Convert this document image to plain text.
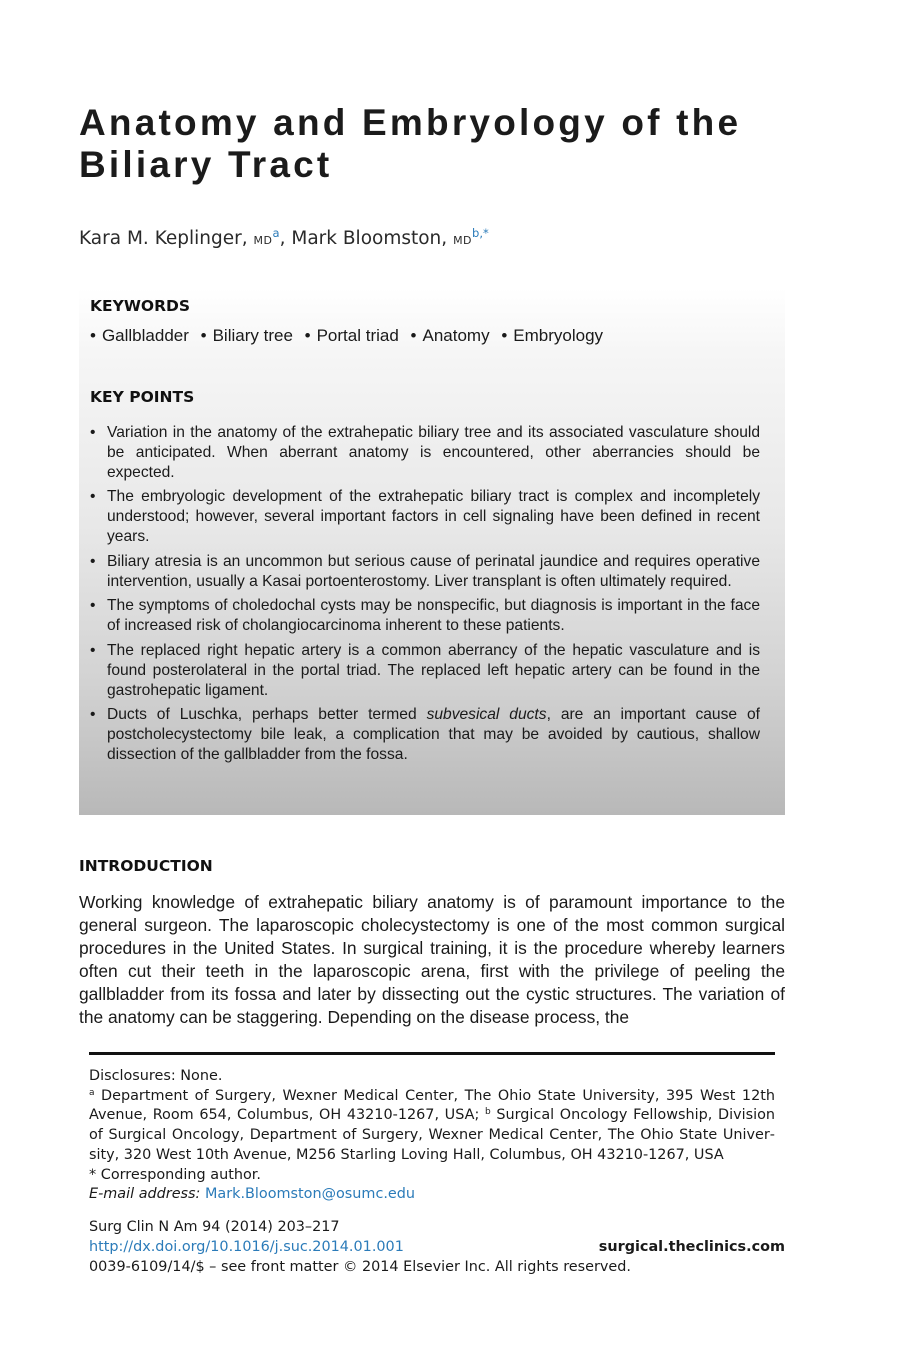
Anatomy and Embryology of the
Biliary Tract
Kara M. Keplinger, $MD^a$, Mark Bloomston, $MD^{b,*}$
KEYWORDS
• Gallbladder • Biliary tree • Portal triad • Anatomy • Embryology
KEY POINTS
• Variation in the anatomy of the extrahepatic biliary tree and its associated vasculature should be anticipated. When aberrant anatomy is encountered, other aberrancies should be expected.
• The embryologic development of the extrahepatic biliary tract is complex and incompletely understood; however, several important factors in cell signaling have been defined in recent years.
• Biliary atresia is an uncommon but serious cause of perinatal jaundice and requires operative intervention, usually a Kasai portoenterostomy. Liver transplant is often ultimately required.
• The symptoms of choledochal cysts may be nonspecific, but diagnosis is important in the face of increased risk of cholangiocarcinoma inherent to these patients.
• The replaced right hepatic artery is a common aberrancy of the hepatic vasculature and is found posterolateral in the portal triad. The replaced left hepatic artery can be found in the gastrohepatic ligament.
• Ducts of Luschka, perhaps better termed subvesical ducts, are an important cause of postcholecystectomy bile leak, a complication that may be avoided by cautious, shallow dissection of the gallbladder from the fossa.
INTRODUCTION

Working knowledge of extrahepatic biliary anatomy is of paramount importance to the general surgeon. The laparoscopic cholecystectomy is one of the most common surgical procedures in the United States. In surgical training, it is the procedure whereby learners often cut their teeth in the laparoscopic arena, first with the privilege of peeling the gallbladder from its fossa and later by dissecting out the cystic structures. The variation of the anatomy can be staggering. Depending on the disease process, the

Disclosures: None.

$^a$ Department of Surgery, Wexner Medical Center, The Ohio State University, 395 West 12th Avenue, Room 654, Columbus, OH 43210-1267, USA; $^b$ Surgical Oncology Fellowship, Division of Surgical Oncology, Department of Surgery, Wexner Medical Center, The Ohio State University, 320 West 10th Avenue, M256 Starling Loving Hall, Columbus, OH 43210-1267, USA

* Corresponding author.

E-mail address: Mark.Bloomston@osumc.edu

Surg Clin N Am 94 (2014) 203–217

http://dx.doi.org/10.1016/j.suc.2014.01.001	surgical.theclinics.com

0039-6109/14/$ – see front matter © 2014 Elsevier Inc. All rights reserved.
